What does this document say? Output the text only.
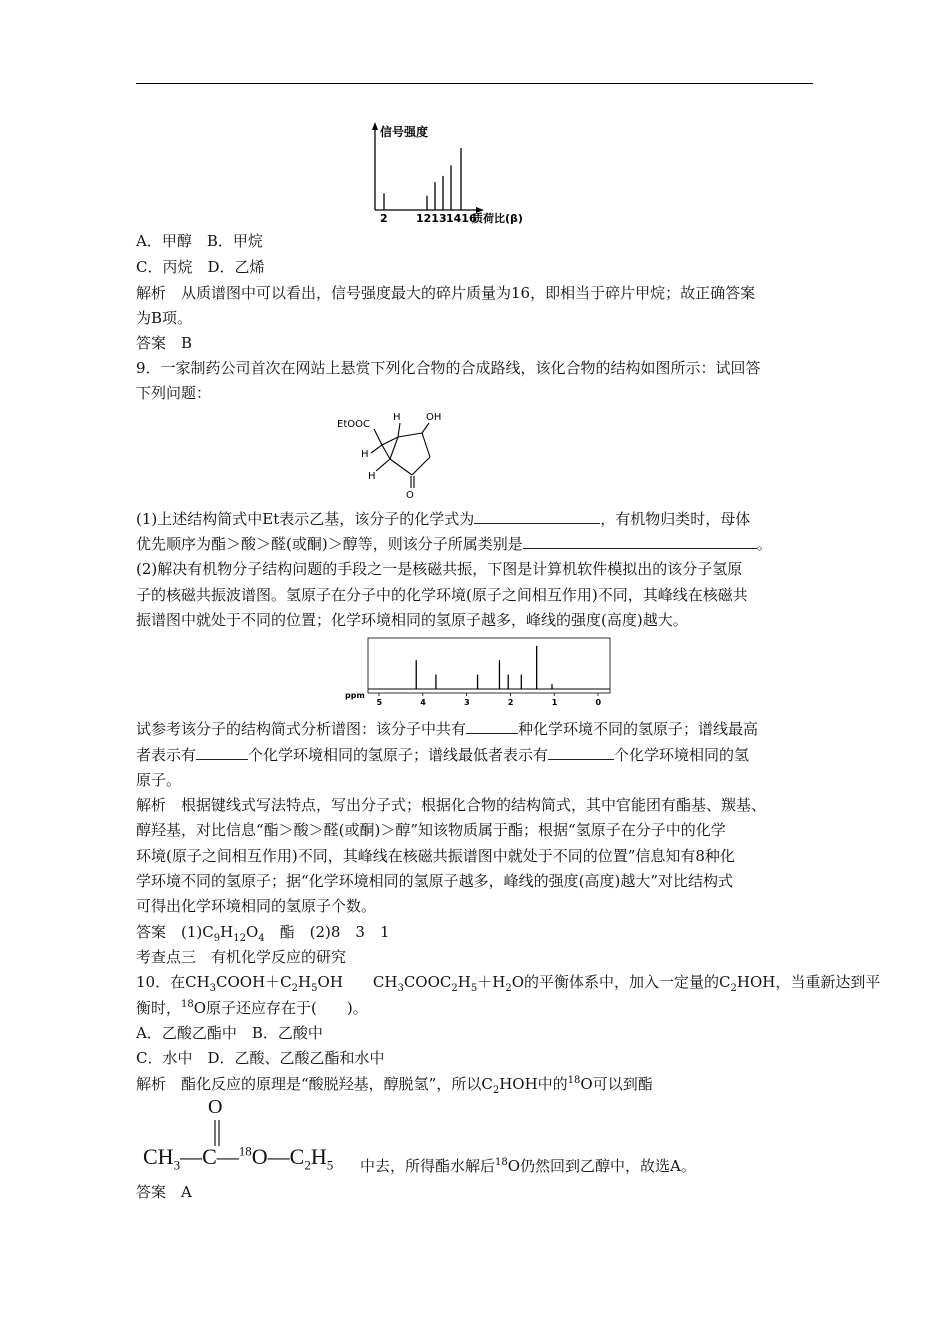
信号强度
2	1213 1416
质荷比(β)
A．甲醇　B．甲烷
C．丙烷　D．乙烯
解析　从质谱图中可以看出，信号强度最大的碎片质量为16，即相当于碎片甲烷；故正确答案
为B项。
答案　B
9．一家制药公司首次在网站上悬赏下列化合物的合成路线，该化合物的结构如图所示：试回答
下列问题：
EtOOC
H	OH
H
H
O
(1)上述结构简式中Et表示乙基，该分子的化学式为	，有机物归类时，母体
优先顺序为酯＞酸＞醛(或酮)＞醇等，则该分子所属类别是	。
(2)解决有机物分子结构问题的手段之一是核磁共振，下图是计算机软件模拟出的该分子氢原
子的核磁共振波谱图。氢原子在分子中的化学环境(原子之间相互作用)不同，其峰线在核磁共
振谱图中就处于不同的位置；化学环境相同的氢原子越多，峰线的强度(高度)越大。
ppm
5	4	3	2	1	0
试参考该分子的结构简式分析谱图：该分子中共有	种化学环境不同的氢原子；谱线最高
者表示有	个化学环境相同的氢原子；谱线最低者表示有	个化学环境相同的氢
原子。
解析　根据键线式写法特点，写出分子式；根据化合物的结构简式，其中官能团有酯基、羰基、
醇羟基，对比信息“酯＞酸＞醛(或酮)＞醇”知该物质属于酯；根据“氢原子在分子中的化学
环境(原子之间相互作用)不同，其峰线在核磁共振谱图中就处于不同的位置”信息知有8种化
学环境不同的氢原子；据“化学环境相同的氢原子越多，峰线的强度(高度)越大”对比结构式
可得出化学环境相同的氢原子个数。
答案　$(1)C_9H_{12}O_4$　酯　(2)8　3　1
考查点三　有机化学反应的研究
10．在$CH_3COOH+C_2H_5OH$　　$CH_3COOC_2H_5+H_2O$的平衡体系中，加入一定量的$C_2HOH$，当重新达到平
衡时，$^{18}$O原子还应存在于(　　)。
A．乙酸乙酯中　B．乙酸中
C．水中　D．乙酸、乙酸乙酯和水中
解析　酯化反应的原理是“酸脱羟基，醇脱氢”，所以$C_2HOH$中的$^{18}$O可以到酯
O
$CH_3—C—^{18}O—C_2H_5$ 中去，所得酯水解后$^{18}$O仍然回到乙醇中，故选A。
答案　A
